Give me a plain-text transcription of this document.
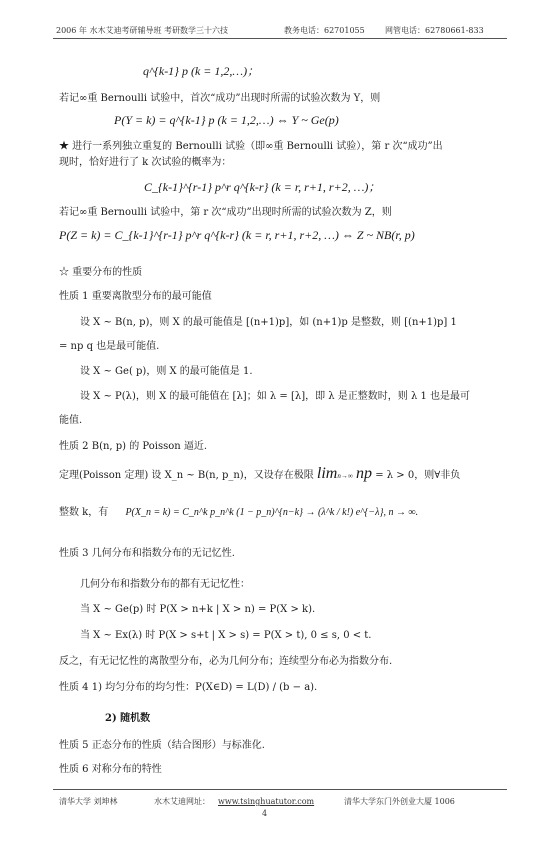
2006 年 水木艾迪考研辅导班 考研数学三十六技	教务电话：62701055	网管电话：62780661-833
q^{k-1} p (k = 1,2,…)；
若记∞重 Bernoulli 试验中，首次“成功”出现时所需的试验次数为 Y，则
P(Y = k) = q^{k-1} p (k = 1,2,…) ⇔ Y ~ Ge(p)
★ 进行一系列独立重复的 Bernoulli 试验（即∞重 Bernoulli 试验），第 r 次“成功”出
现时，恰好进行了 k 次试验的概率为：
C_{k-1}^{r-1} p^r q^{k-r} (k = r, r+1, r+2, …)；
若记∞重 Bernoulli 试验中，第 r 次“成功”出现时所需的试验次数为 Z，则
P(Z = k) = C_{k-1}^{r-1} p^r q^{k-r} (k = r, r+1, r+2, …) ⇔ Z ~ NB(r, p)
☆ 重要分布的性质
性质 1 重要离散型分布的最可能值
设 X ~ B(n, p)，则 X 的最可能值是 [(n+1)p]，如 (n+1)p 是整数，则 [(n+1)p] 1
= np q 也是最可能值.
设 X ~ Ge( p)，则 X 的最可能值是 1.
设 X ~ P(λ)，则 X 的最可能值在 [λ]；如 λ = [λ]，即 λ 是正整数时，则 λ 1 也是最可
能值.
性质 2 B(n, p) 的 Poisson 逼近.
定理(Poisson 定理) 设 X_n ~ B(n, p_n)，又设存在极限 limn→∞ np = λ > 0，则∀非负
整数 k，有 P(X_n = k) = C_n^k p_n^k (1 − p_n)^{n−k} → (λ^k / k!) e^{−λ}, n → ∞.
性质 3 几何分布和指数分布的无记忆性.
几何分布和指数分布的都有无记忆性：
当 X ~ Ge(p) 时 P(X > n+k | X > n) = P(X > k).
当 X ~ Ex(λ) 时 P(X > s+t | X > s) = P(X > t), 0 ≤ s, 0 < t.
反之，有无记忆性的离散型分布，必为几何分布；连续型分布必为指数分布.
性质 4 1) 均匀分布的均匀性：P(X∈D) = L(D) / (b − a).
2) 随机数
性质 5 正态分布的性质（结合图形）与标准化.
性质 6 对称分布的特性
清华大学 刘坤林	水木艾迪网址： www.tsinghuatutor.com	清华大学东门外创业大厦 1006
4
